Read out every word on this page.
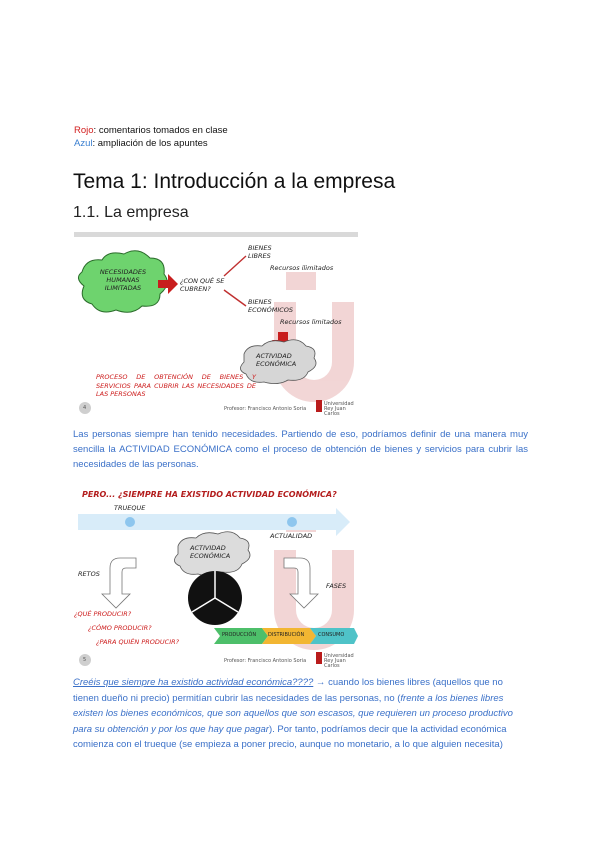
Rojo: comentarios tomados en clase
Azul: ampliación de los apuntes
Tema 1: Introducción a la empresa
1.1. La empresa
NECESIDADES HUMANAS ILIMITADAS
¿CON QUÉ SE CUBREN?
BIENES LIBRES
Recursos ilimitados
BIENES ECONÓMICOS
Recursos limitados
ACTIVIDAD ECONÓMICA
PROCESO DE OBTENCIÓN DE BIENES Y SERVICIOS PARA CUBRIR LAS NECESIDADES DE LAS PERSONAS
4	Profesor: Francisco Antonio Soria
Universidad Rey Juan Carlos
Las personas siempre han tenido necesidades. Partiendo de eso, podríamos definir de una manera muy sencilla la ACTIVIDAD ECONÓMICA como el proceso de obtención de bienes y servicios para cubrir las necesidades de las personas.
PERO... ¿SIEMPRE HA EXISTIDO ACTIVIDAD ECONÓMICA?
TRUEQUE
ACTUALIDAD
ACTIVIDAD ECONÓMICA
RETOS
FASES
¿QUÉ PRODUCIR?
¿CÓMO PRODUCIR?
¿PARA QUIÉN PRODUCIR?
PRODUCCIÓN DISTRIBUCIÓN	CONSUMO
5	Profesor: Francisco Antonio Soria
Universidad Rey Juan Carlos
Creéis que siempre ha existido actividad económica???? → cuando los bienes libres (aquellos que no tienen dueño ni precio) permitían cubrir las necesidades de las personas, no (frente a los bienes libres existen los bienes económicos, que son aquellos que son escasos, que requieren un proceso productivo para su obtención y por los que hay que pagar). Por tanto, podríamos decir que la actividad económica comienza con el trueque (se empieza a poner precio, aunque no monetario, a lo que alguien necesita)
